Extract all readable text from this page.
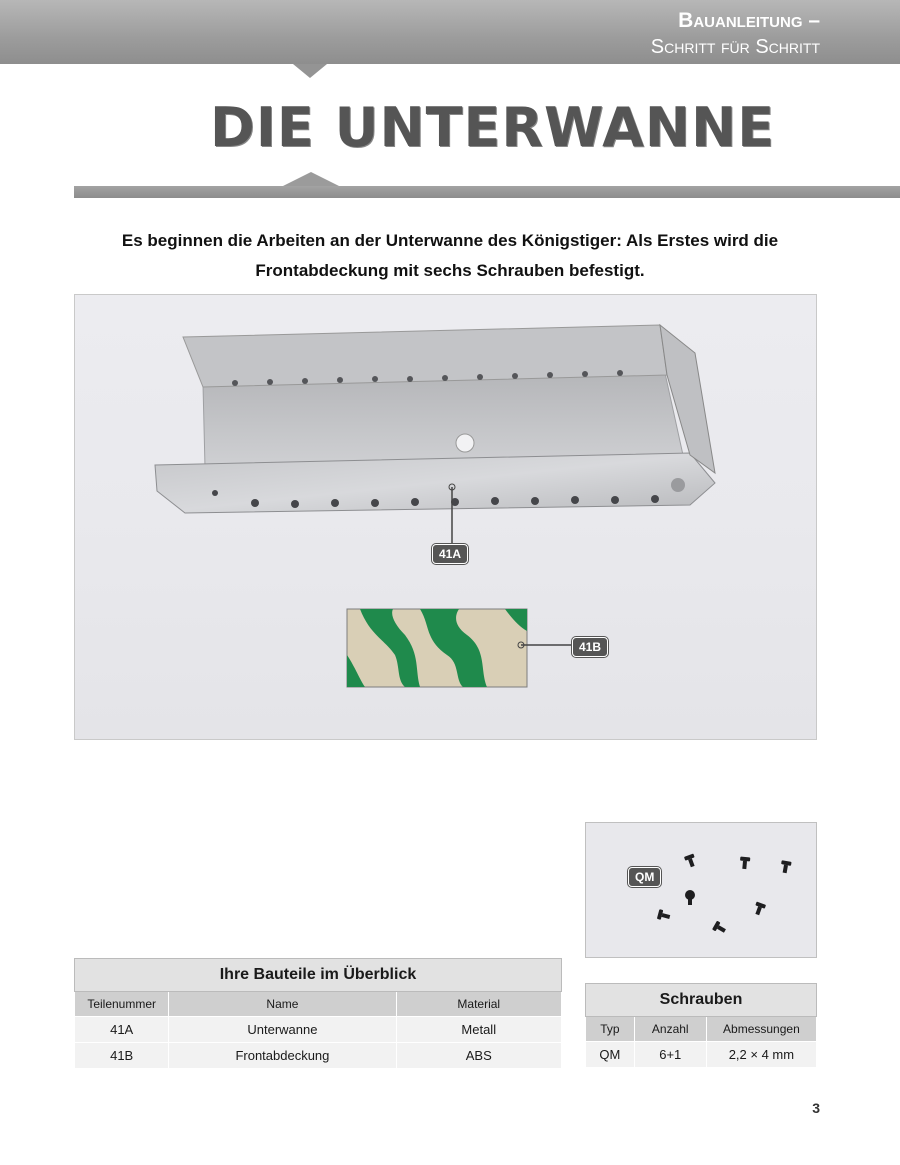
Bauanleitung –
Schritt für Schritt
DIE UNTERWANNE
Es beginnen die Arbeiten an der Unterwanne des Königstiger: Als Erstes wird die
Frontabdeckung mit sechs Schrauben befestigt.
41A
41B
QM
Ihre Bauteile im Überblick		
Teilenummer	Name	Material
41A	Unterwanne	Metall
41B	Frontabdeckung	ABS
Schrauben		
Typ	Anzahl	Abmessungen
QM	6+1	2,2 × 4 mm
3
